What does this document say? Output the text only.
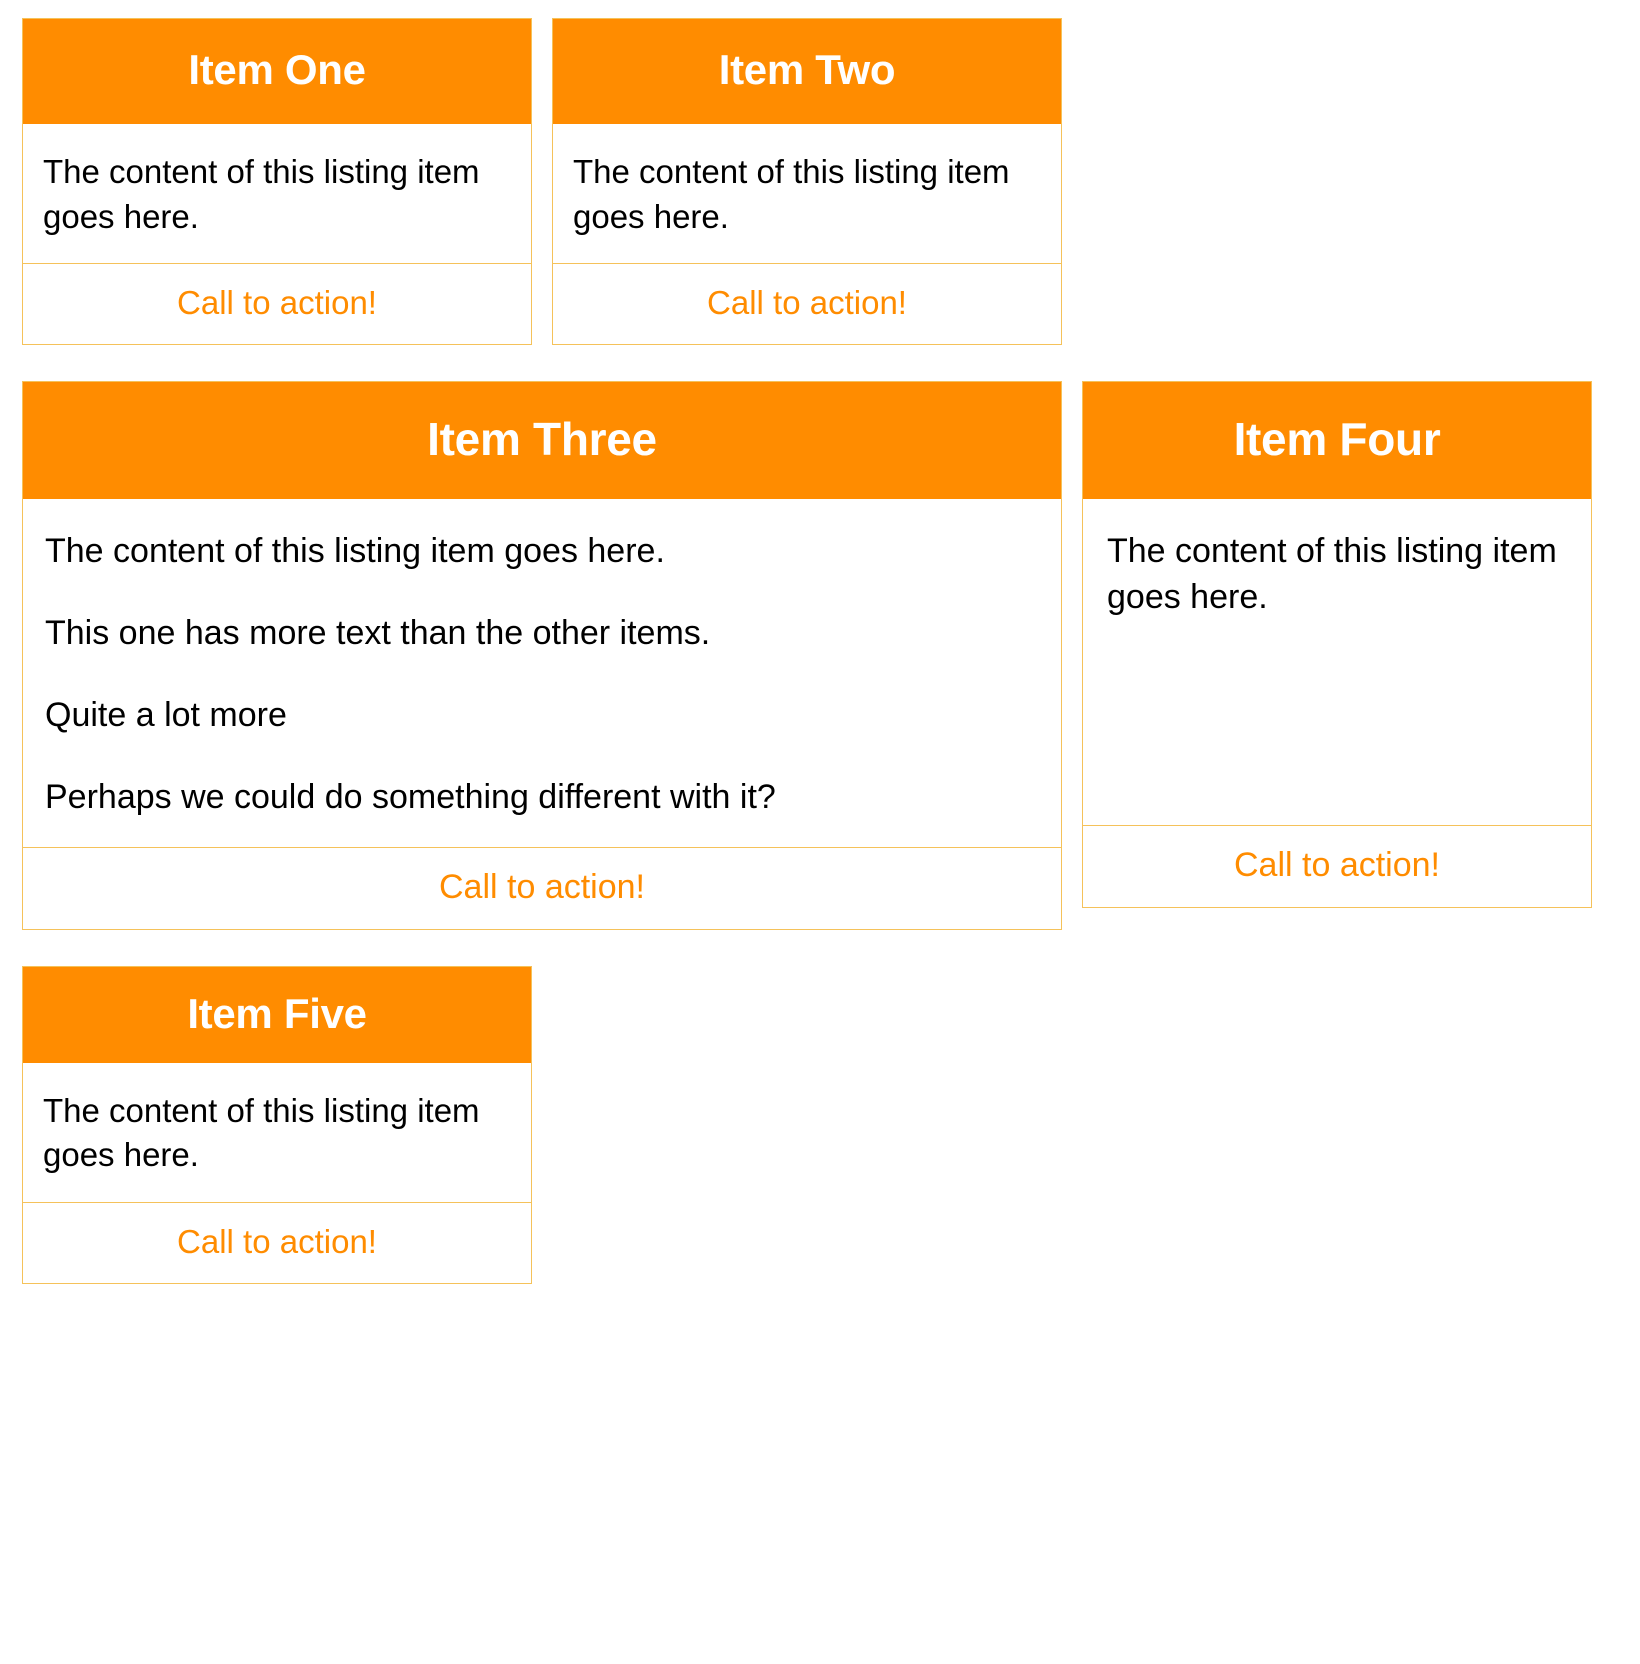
Item One

The content of this listing item goes here.

Call to action!
Item Two

The content of this listing item goes here.

Call to action!
Item Three

The content of this listing item goes here.

This one has more text than the other items.

Quite a lot more

Perhaps we could do something different with it?

Call to action!
Item Four

The content of this listing item goes here.

Call to action!
Item Five

The content of this listing item goes here.

Call to action!
